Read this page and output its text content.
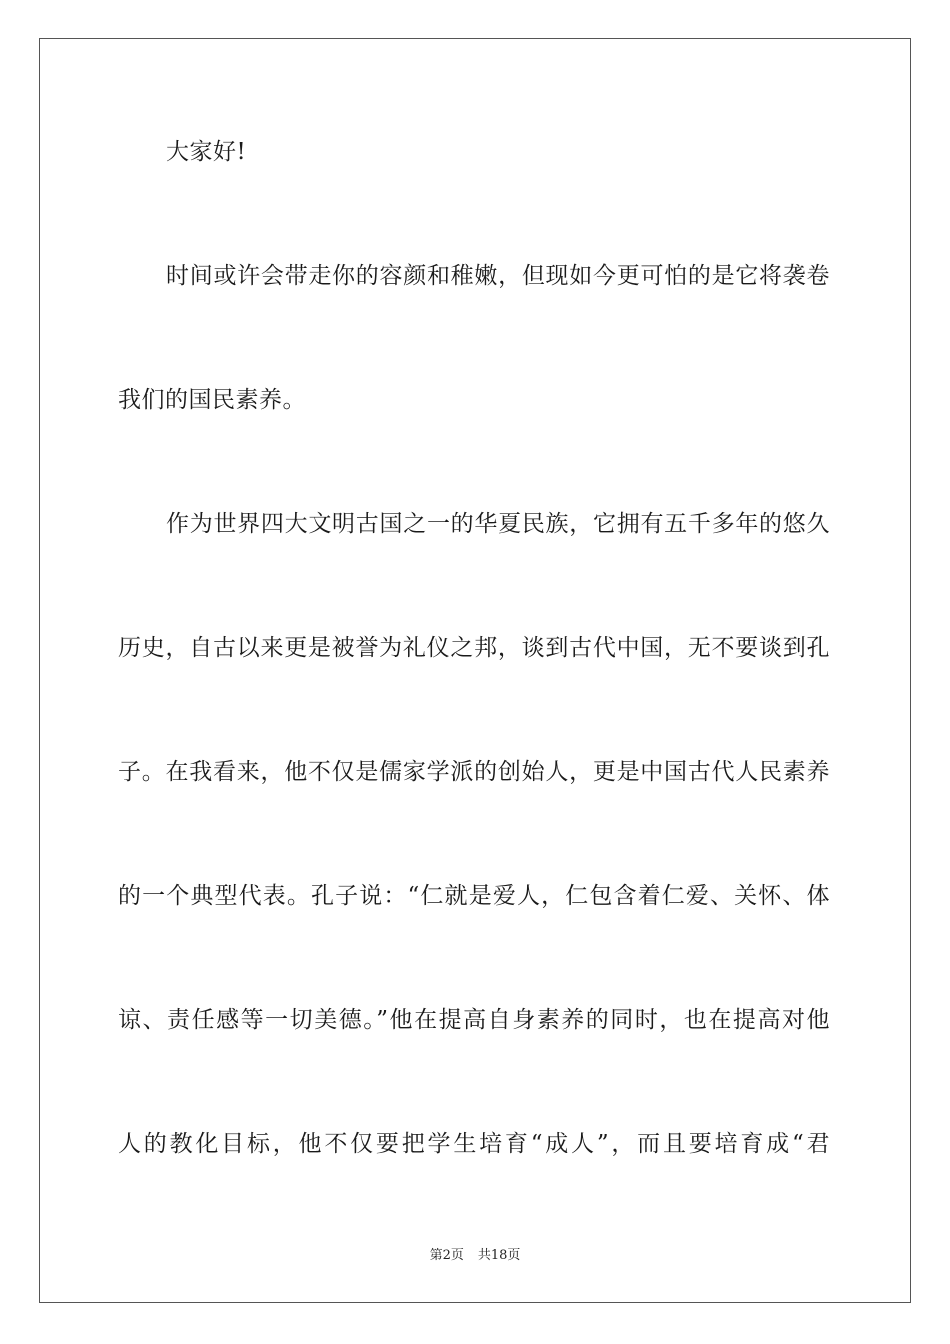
大家好!
时间或许会带走你的容颜和稚嫩，但现如今更可怕的是它将袭卷
我们的国民素养。
作为世界四大文明古国之一的华夏民族，它拥有五千多年的悠久
历史，自古以来更是被誉为礼仪之邦，谈到古代中国，无不要谈到孔
子。在我看来，他不仅是儒家学派的创始人，更是中国古代人民素养
的一个典型代表。孔子说：“仁就是爱人，仁包含着仁爱、关怀、体
谅、责任感等一切美德。”他在提高自身素养的同时，也在提高对他
人的教化目标，他不仅要把学生培育“成人”，而且要培育成“君
第2页 共18页
